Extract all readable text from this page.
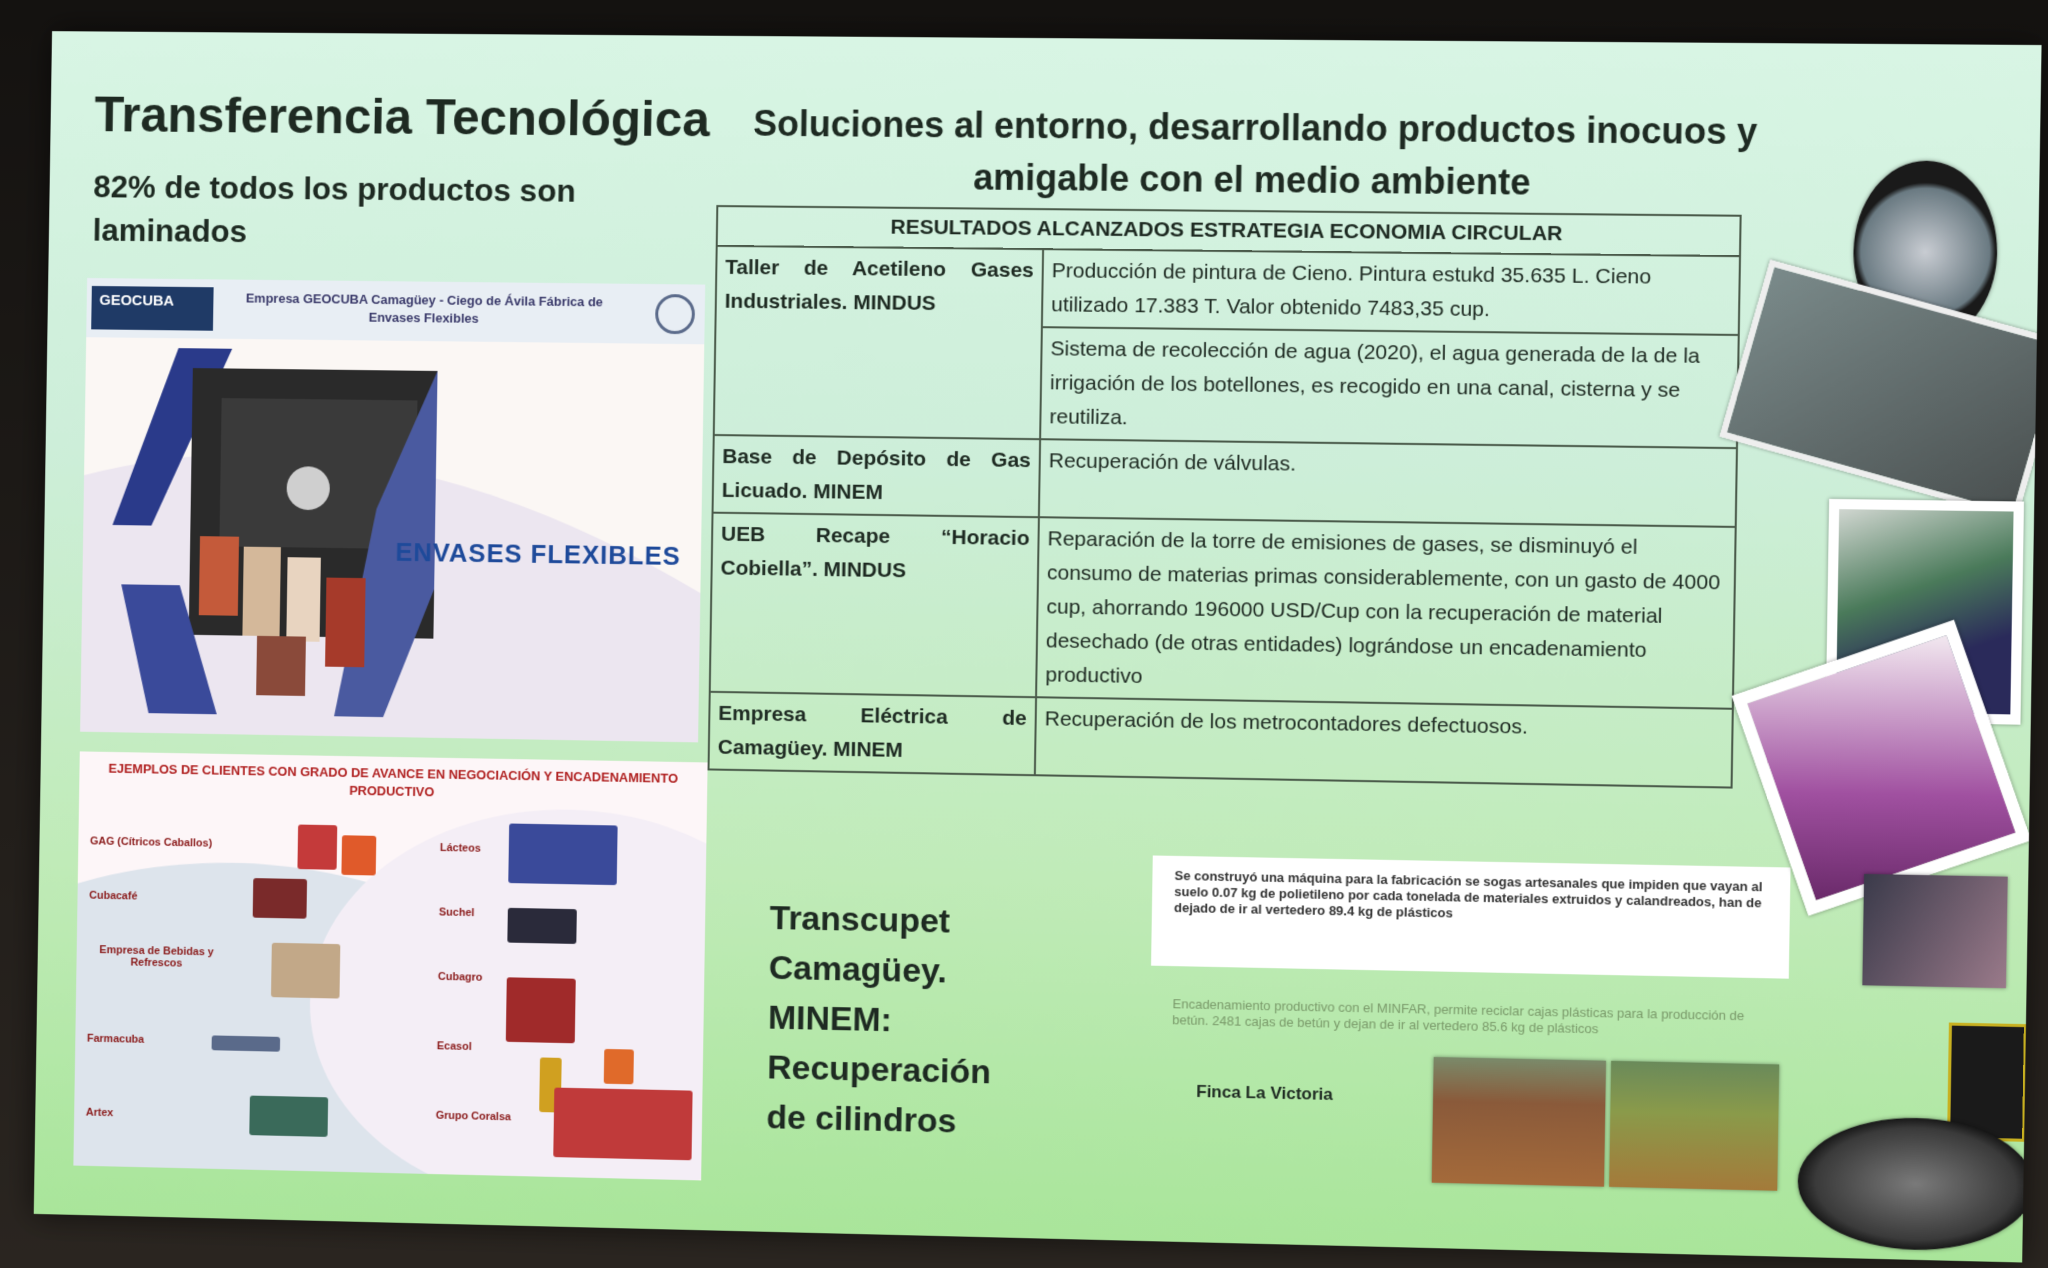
Transferencia Tecnológica
82% de todos los productos son laminados
Soluciones al entorno, desarrollando productos inocuos y amigable con el medio ambiente
GEOCUBA	Empresa GEOCUBA Camagüey - Ciego de Ávila Fábrica de Envases Flexibles
ENVASES FLEXIBLES
EJEMPLOS DE CLIENTES CON GRADO DE AVANCE EN NEGOCIACIÓN Y ENCADENAMIENTO PRODUCTIVO
GAG (Cítricos Caballos)
Cubacafé
Empresa de Bebidas y Refrescos
Farmacuba
Artex
Lácteos
Suchel
Cubagro
Ecasol
Grupo Coralsa
RESULTADOS ALCANZADOS ESTRATEGIA ECONOMIA CIRCULAR	
Taller de Acetileno Gases Industriales. MINDUS	Producción de pintura de Cieno. Pintura estukd 35.635 L. Cieno utilizado 17.383 T. Valor obtenido 7483,35 cup.
	Sistema de recolección de agua (2020), el agua generada de la de la irrigación de los botellones, es recogido en una canal, cisterna y se reutiliza.
Base de Depósito de Gas Licuado. MINEM	Recuperación de válvulas.
UEB Recape “Horacio Cobiella”. MINDUS	Reparación de la torre de emisiones de gases, se disminuyó el consumo de materias primas considerablemente, con un gasto de 4000 cup, ahorrando 196000 USD/Cup con la recuperación de material desechado (de otras entidades) lográndose un encadenamiento productivo
Empresa Eléctrica de Camagüey. MINEM	Recuperación de los metrocontadores defectuosos.
Transcupet Camagüey. MINEM: Recuperación de cilindros
Se construyó una máquina para la fabricación se sogas artesanales que impiden que vayan al suelo 0.07 kg de polietileno por cada tonelada de materiales extruidos y calandreados, han de dejado de ir al vertedero 89.4 kg de plásticos
Encadenamiento productivo con el MINFAR, permite reciclar cajas plásticas para la producción de betún. 2481 cajas de betún y dejan de ir al vertedero 85.6 kg de plásticos
Finca La Victoria
